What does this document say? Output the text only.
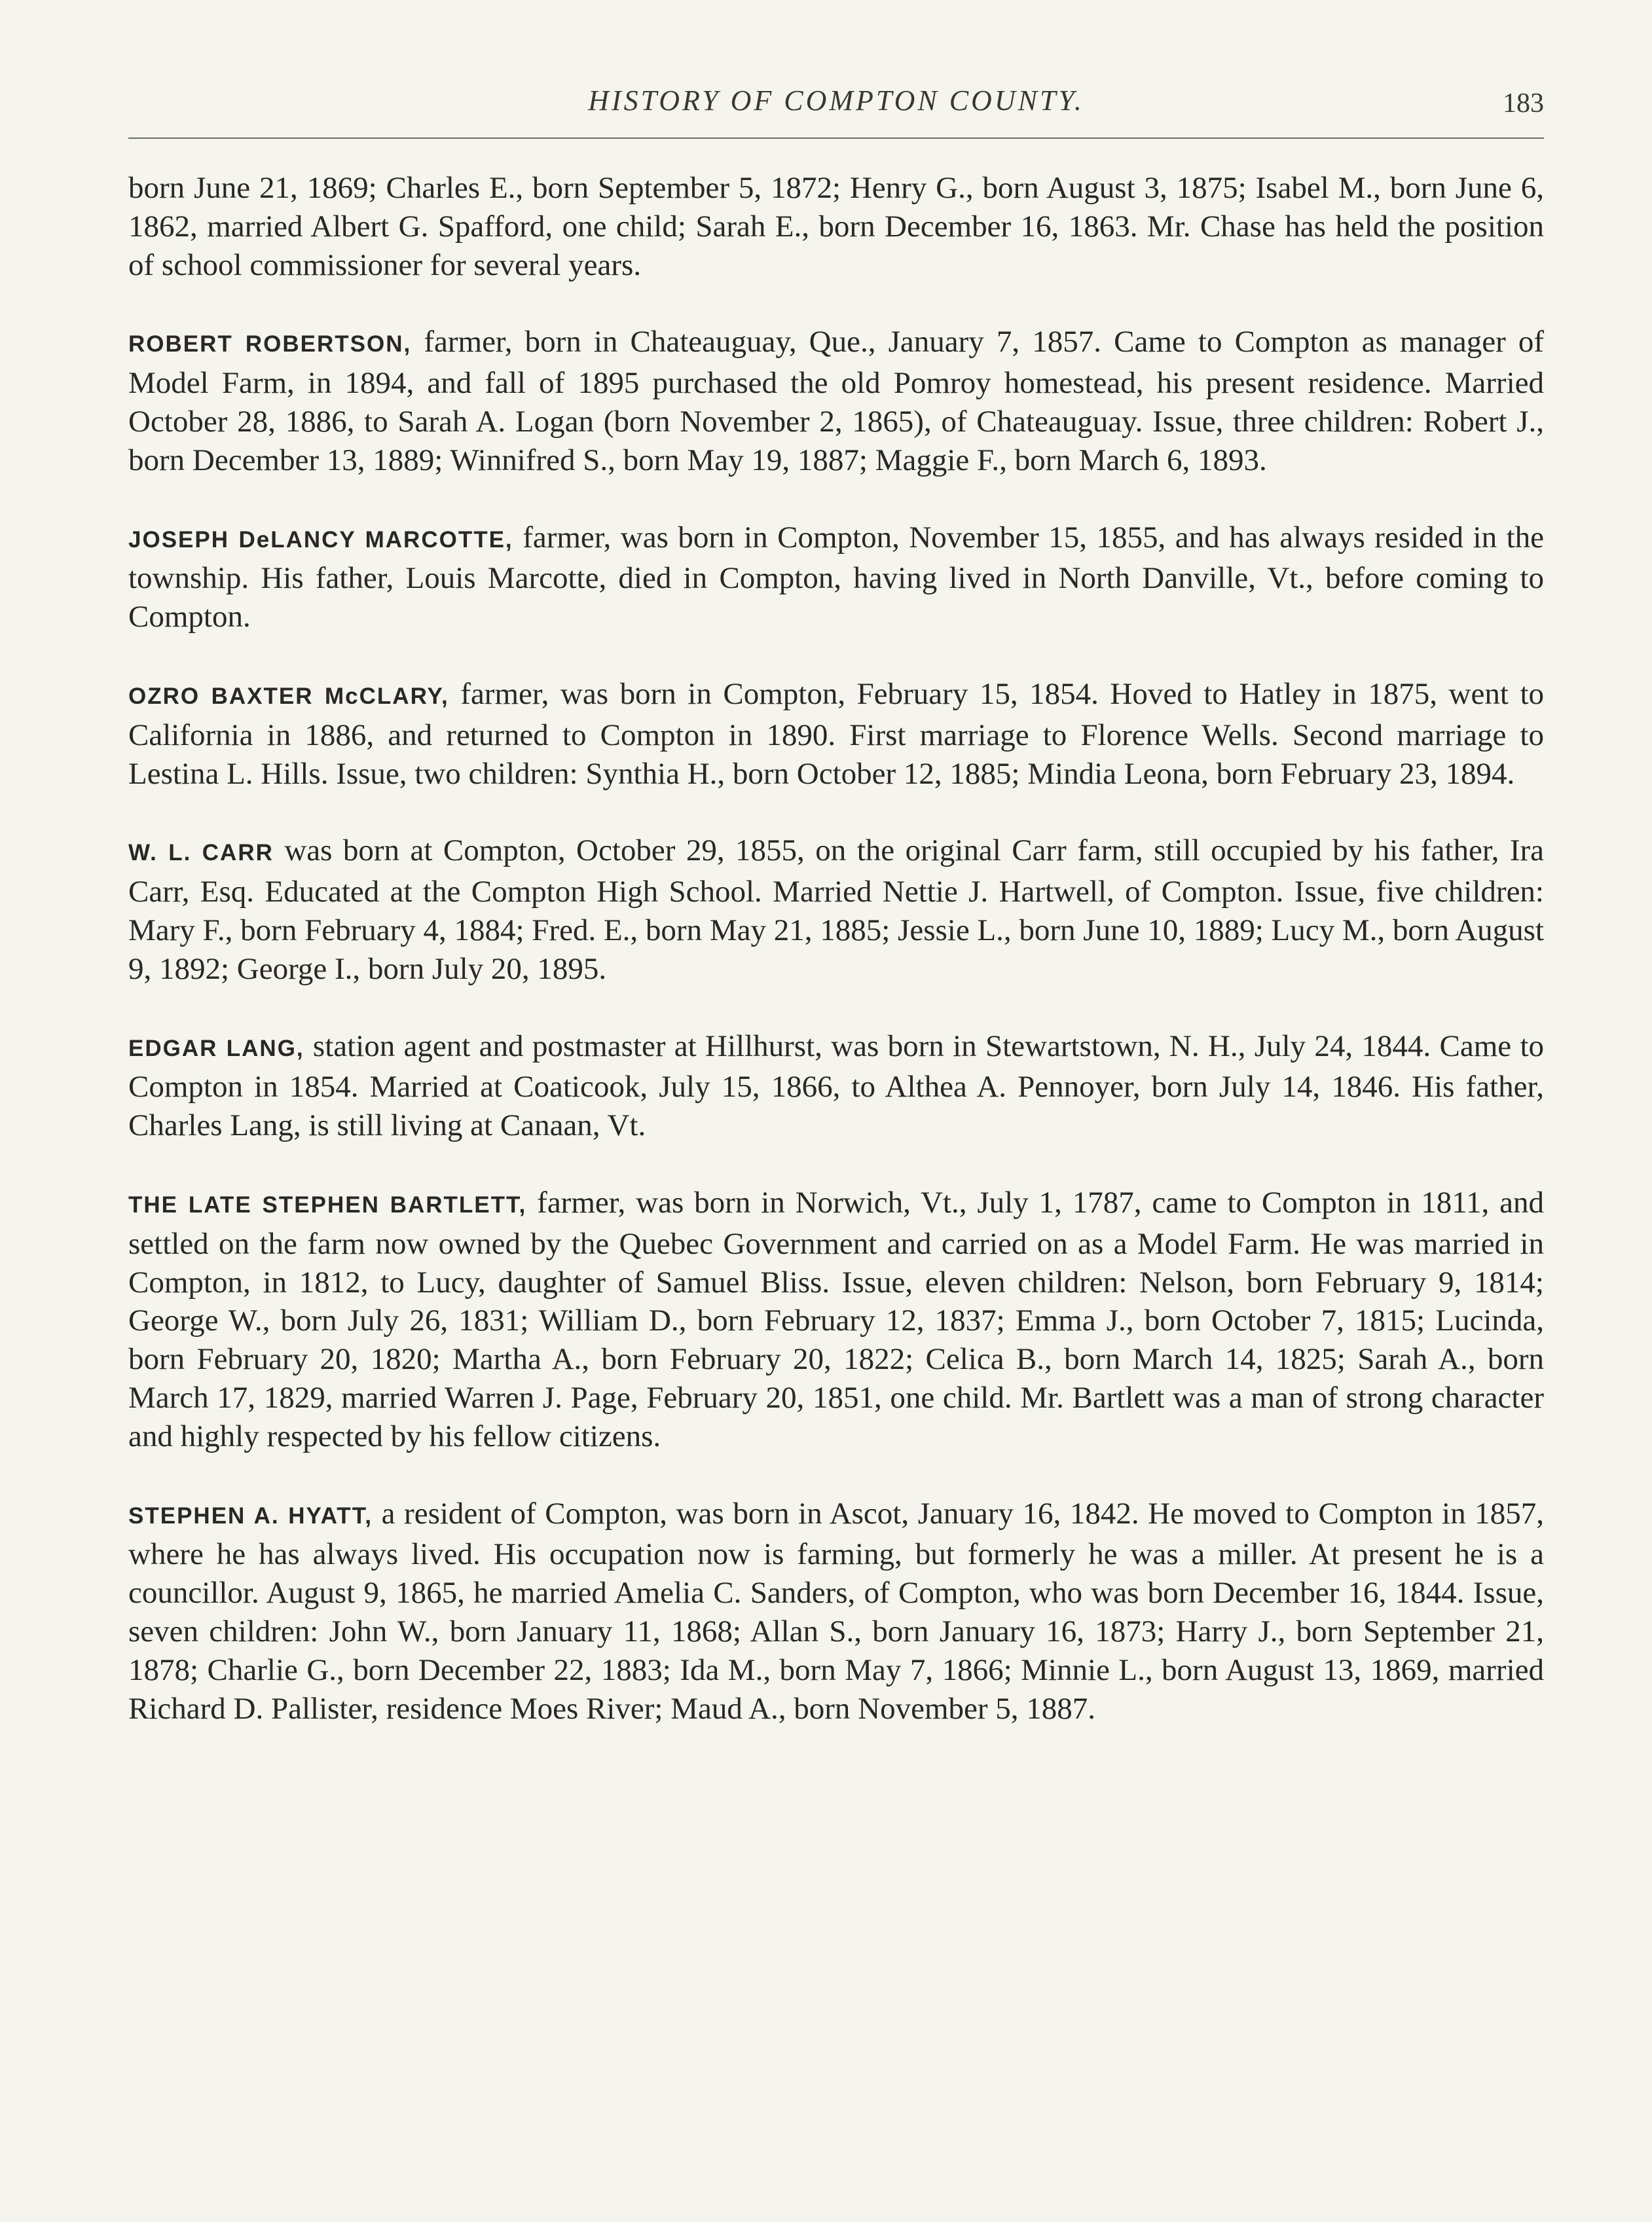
HISTORY OF COMPTON COUNTY.	183

born June 21, 1869; Charles E., born September 5, 1872; Henry G., born August 3, 1875; Isabel M., born June 6, 1862, married Albert G. Spafford, one child; Sarah E., born December 16, 1863. Mr. Chase has held the position of school commissioner for several years.

ROBERT ROBERTSON, farmer, born in Chateauguay, Que., January 7, 1857. Came to Compton as manager of Model Farm, in 1894, and fall of 1895 purchased the old Pomroy homestead, his present residence. Married October 28, 1886, to Sarah A. Logan (born November 2, 1865), of Chateauguay. Issue, three children: Robert J., born December 13, 1889; Winnifred S., born May 19, 1887; Maggie F., born March 6, 1893.

JOSEPH DeLANCY MARCOTTE, farmer, was born in Compton, November 15, 1855, and has always resided in the township. His father, Louis Marcotte, died in Compton, having lived in North Danville, Vt., before coming to Compton.

OZRO BAXTER McCLARY, farmer, was born in Compton, February 15, 1854. Hoved to Hatley in 1875, went to California in 1886, and returned to Compton in 1890. First marriage to Florence Wells. Second marriage to Lestina L. Hills. Issue, two children: Synthia H., born October 12, 1885; Mindia Leona, born February 23, 1894.

W. L. CARR was born at Compton, October 29, 1855, on the original Carr farm, still occupied by his father, Ira Carr, Esq. Educated at the Compton High School. Married Nettie J. Hartwell, of Compton. Issue, five children: Mary F., born February 4, 1884; Fred. E., born May 21, 1885; Jessie L., born June 10, 1889; Lucy M., born August 9, 1892; George I., born July 20, 1895.

EDGAR LANG, station agent and postmaster at Hillhurst, was born in Stewartstown, N. H., July 24, 1844. Came to Compton in 1854. Married at Coaticook, July 15, 1866, to Althea A. Pennoyer, born July 14, 1846. His father, Charles Lang, is still living at Canaan, Vt.

THE LATE STEPHEN BARTLETT, farmer, was born in Norwich, Vt., July 1, 1787, came to Compton in 1811, and settled on the farm now owned by the Quebec Government and carried on as a Model Farm. He was married in Compton, in 1812, to Lucy, daughter of Samuel Bliss. Issue, eleven children: Nelson, born February 9, 1814; George W., born July 26, 1831; William D., born February 12, 1837; Emma J., born October 7, 1815; Lucinda, born February 20, 1820; Martha A., born February 20, 1822; Celica B., born March 14, 1825; Sarah A., born March 17, 1829, married Warren J. Page, February 20, 1851, one child. Mr. Bartlett was a man of strong character and highly respected by his fellow citizens.

STEPHEN A. HYATT, a resident of Compton, was born in Ascot, January 16, 1842. He moved to Compton in 1857, where he has always lived. His occupation now is farming, but formerly he was a miller. At present he is a councillor. August 9, 1865, he married Amelia C. Sanders, of Compton, who was born December 16, 1844. Issue, seven children: John W., born January 11, 1868; Allan S., born January 16, 1873; Harry J., born September 21, 1878; Charlie G., born December 22, 1883; Ida M., born May 7, 1866; Minnie L., born August 13, 1869, married Richard D. Pallister, residence Moes River; Maud A., born November 5, 1887.
